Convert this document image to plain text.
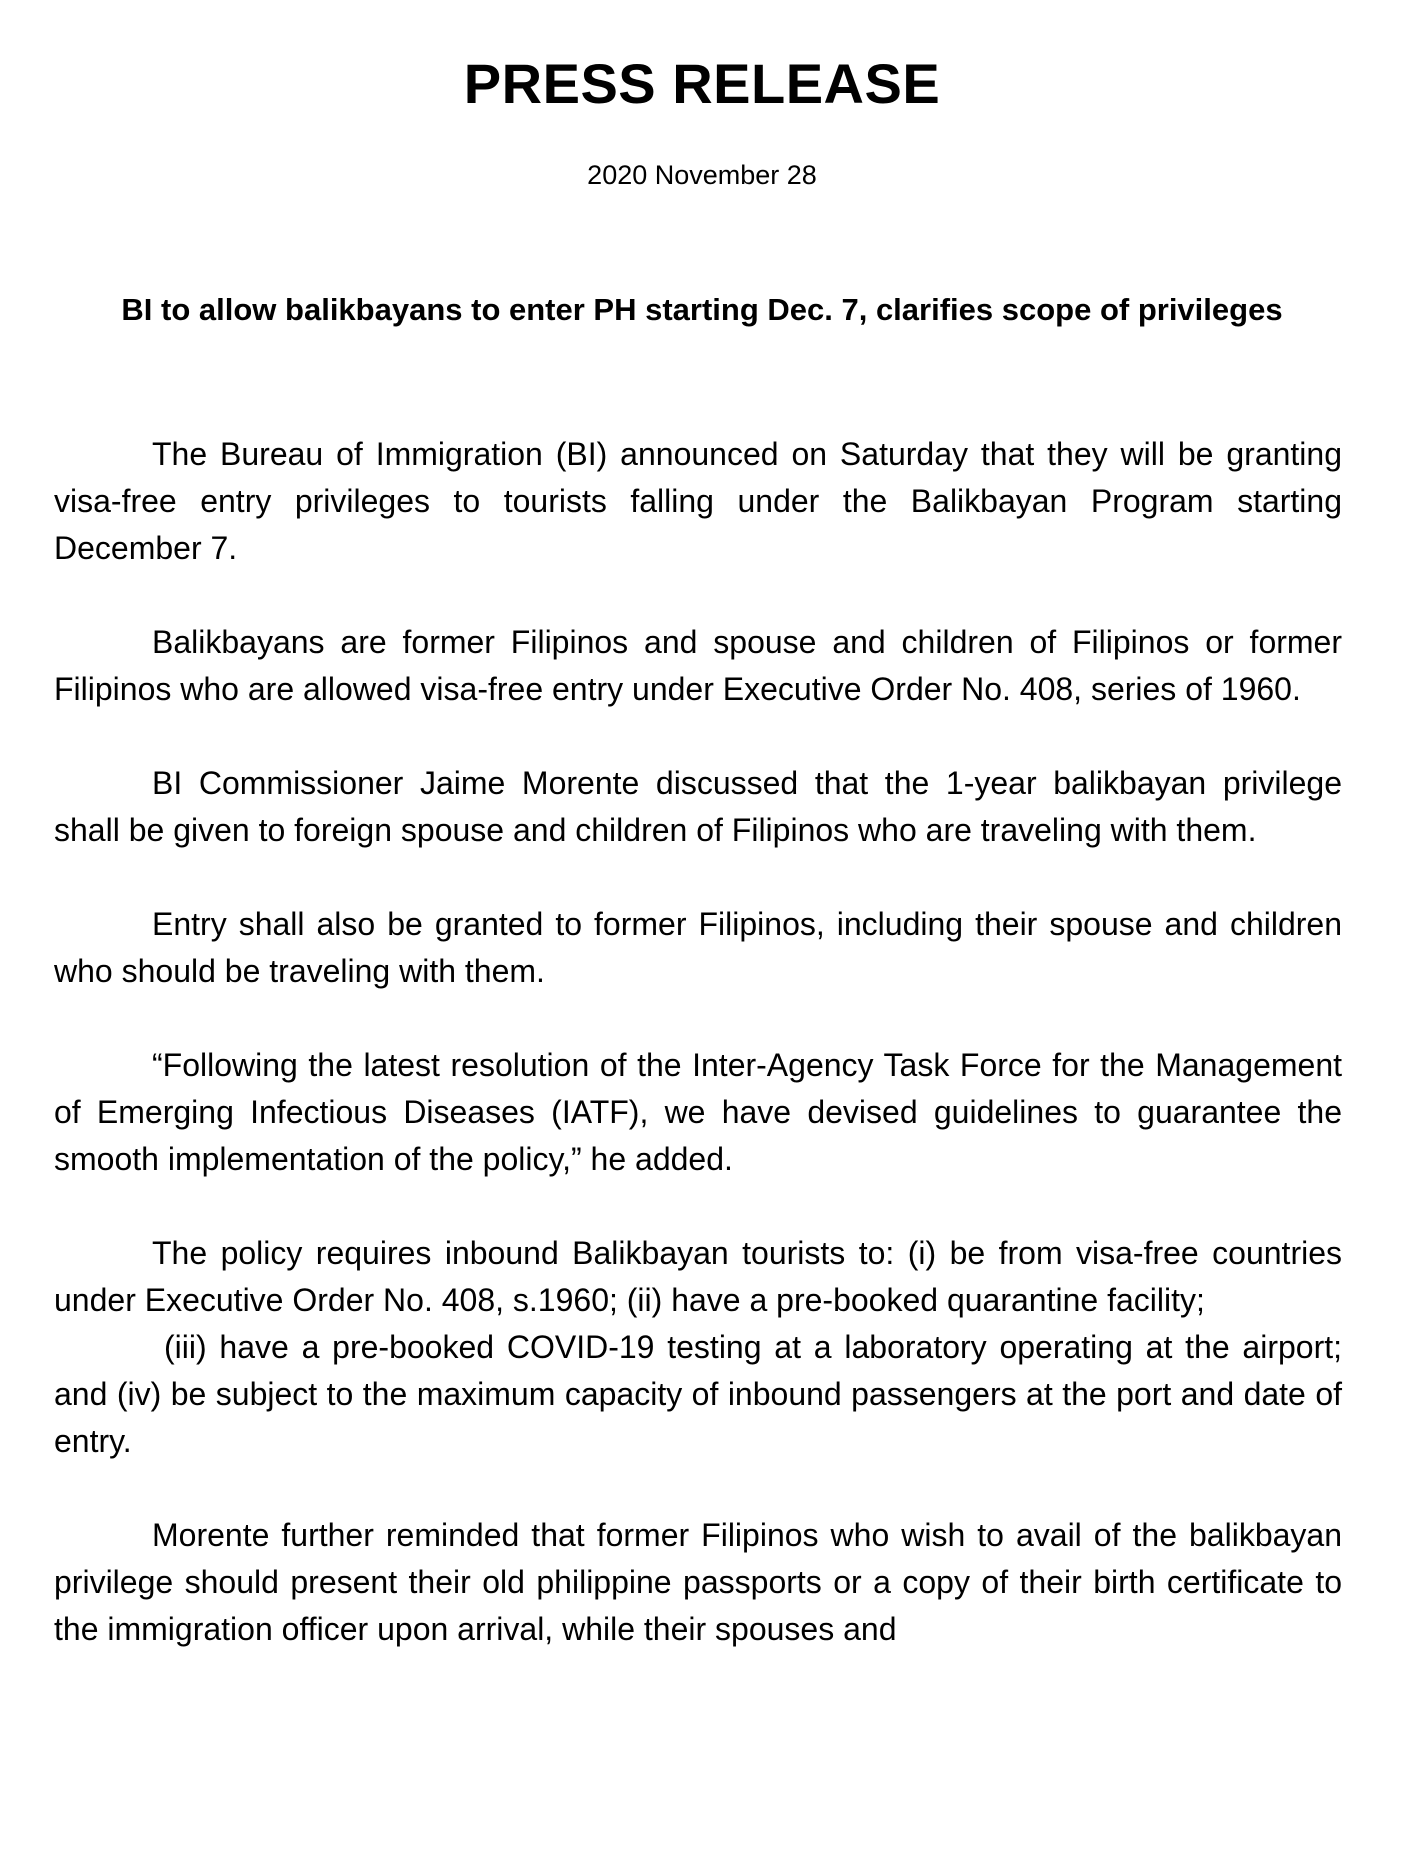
PRESS RELEASE
2020 November 28
BI to allow balikbayans to enter PH starting Dec. 7, clarifies scope of privileges

The Bureau of Immigration (BI) announced on Saturday that they will be granting visa-free entry privileges to tourists falling under the Balikbayan Program starting December 7.

Balikbayans are former Filipinos and spouse and children of Filipinos or former Filipinos who are allowed visa-free entry under Executive Order No. 408, series of 1960.

BI Commissioner Jaime Morente discussed that the 1-year balikbayan privilege shall be given to foreign spouse and children of Filipinos who are traveling with them.

Entry shall also be granted to former Filipinos, including their spouse and children who should be traveling with them.

“Following the latest resolution of the Inter-Agency Task Force for the Management of Emerging Infectious Diseases (IATF), we have devised guidelines to guarantee the smooth implementation of the policy,” he added.

The policy requires inbound Balikbayan tourists to: (i) be from visa-free countries under Executive Order No. 408, s.1960; (ii) have a pre-booked quarantine facility;

(iii) have a pre-booked COVID-19 testing at a laboratory operating at the airport; and (iv) be subject to the maximum capacity of inbound passengers at the port and date of entry.

Morente further reminded that former Filipinos who wish to avail of the balikbayan privilege should present their old philippine passports or a copy of their birth certificate to the immigration officer upon arrival, while their spouses and
